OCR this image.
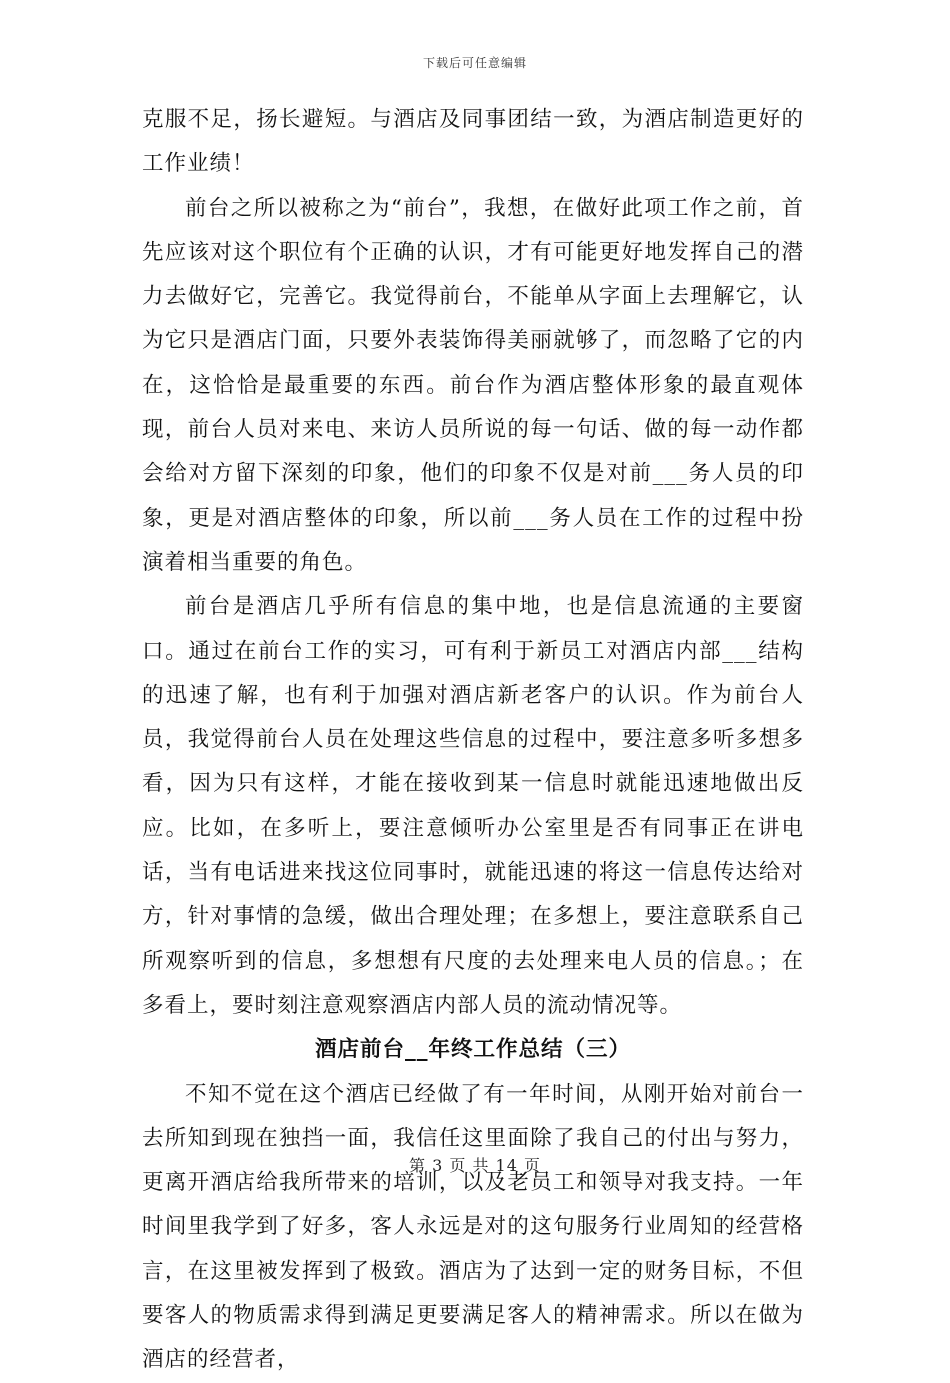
下载后可任意编辑

克服不足，扬长避短。与酒店及同事团结一致，为酒店制造更好的工作业绩！

前台之所以被称之为“前台”，我想，在做好此项工作之前，首先应该对这个职位有个正确的认识，才有可能更好地发挥自己的潜力去做好它，完善它。我觉得前台，不能单从字面上去理解它，认为它只是酒店门面，只要外表装饰得美丽就够了，而忽略了它的内在，这恰恰是最重要的东西。前台作为酒店整体形象的最直观体现，前台人员对来电、来访人员所说的每一句话、做的每一动作都会给对方留下深刻的印象，他们的印象不仅是对前___务人员的印象，更是对酒店整体的印象，所以前___务人员在工作的过程中扮演着相当重要的角色。

前台是酒店几乎所有信息的集中地，也是信息流通的主要窗口。通过在前台工作的实习，可有利于新员工对酒店内部___结构的迅速了解，也有利于加强对酒店新老客户的认识。作为前台人员，我觉得前台人员在处理这些信息的过程中，要注意多听多想多看，因为只有这样，才能在接收到某一信息时就能迅速地做出反应。比如，在多听上，要注意倾听办公室里是否有同事正在讲电话，当有电话进来找这位同事时，就能迅速的将这一信息传达给对方，针对事情的急缓，做出合理处理；在多想上，要注意联系自己所观察听到的信息，多想想有尺度的去处理来电人员的信息。；在多看上，要时刻注意观察酒店内部人员的流动情况等。

酒店前台__年终工作总结（三）

不知不觉在这个酒店已经做了有一年时间，从刚开始对前台一去所知到现在独挡一面，我信任这里面除了我自己的付出与努力，更离开酒店给我所带来的培训，以及老员工和领导对我支持。一年时间里我学到了好多，客人永远是对的这句服务行业周知的经营格言，在这里被发挥到了极致。酒店为了达到一定的财务目标，不但要客人的物质需求得到满足更要满足客人的精神需求。所以在做为酒店的经营者，

第 3 页 共 14 页
